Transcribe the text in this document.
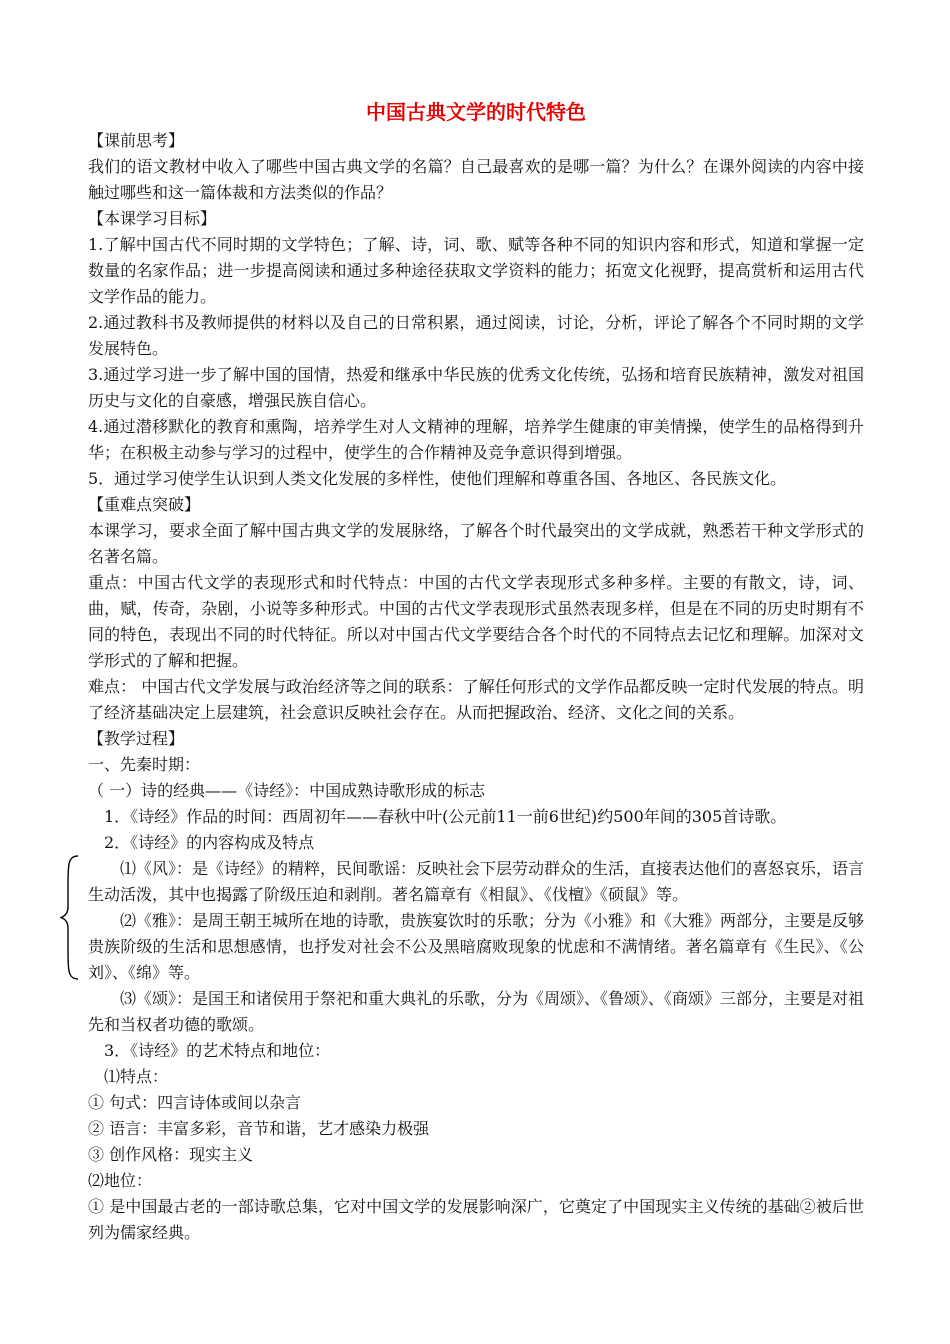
中国古典文学的时代特色

【课前思考】

我们的语文教材中收入了哪些中国古典文学的名篇？自己最喜欢的是哪一篇？为什么？在课外阅读的内容中接触过哪些和这一篇体裁和方法类似的作品？

【本课学习目标】

1.了解中国古代不同时期的文学特色；了解、诗，词、歌、赋等各种不同的知识内容和形式，知道和掌握一定数量的名家作品；进一步提高阅读和通过多种途径获取文学资料的能力；拓宽文化视野，提高赏析和运用古代文学作品的能力。

2.通过教科书及教师提供的材料以及自己的日常积累，通过阅读，讨论，分析，评论了解各个不同时期的文学发展特色。

3.通过学习进一步了解中国的国情，热爱和继承中华民族的优秀文化传统，弘扬和培育民族精神，激发对祖国历史与文化的自豪感，增强民族自信心。

4.通过潜移默化的教育和熏陶，培养学生对人文精神的理解，培养学生健康的审美情操，使学生的品格得到升华；在积极主动参与学习的过程中，使学生的合作精神及竞争意识得到增强。

5．通过学习使学生认识到人类文化发展的多样性，使他们理解和尊重各国、各地区、各民族文化。

【重难点突破】

本课学习，要求全面了解中国古典文学的发展脉络，了解各个时代最突出的文学成就，熟悉若干种文学形式的名著名篇。

重点：中国古代文学的表现形式和时代特点：中国的古代文学表现形式多种多样。主要的有散文，诗，词、曲，赋，传奇，杂剧，小说等多种形式。中国的古代文学表现形式虽然表现多样，但是在不同的历史时期有不同的特色，表现出不同的时代特征。所以对中国古代文学要结合各个时代的不同特点去记忆和理解。加深对文学形式的了解和把握。

难点： 中国古代文学发展与政治经济等之间的联系：了解任何形式的文学作品都反映一定时代发展的特点。明了经济基础决定上层建筑，社会意识反映社会存在。从而把握政治、经济、文化之间的关系。

【教学过程】

一、先秦时期：

（ 一）诗的经典——《诗经》：中国成熟诗歌形成的标志

1．《诗经》作品的时间：西周初年——春秋中叶(公元前11一前6世纪)约500年间的305首诗歌。

2．《诗经》的内容构成及特点

⑴《风》：是《诗经》的精粹，民间歌谣：反映社会下层劳动群众的生活，直接表达他们的喜怒哀乐，语言生动活泼，其中也揭露了阶级压迫和剥削。著名篇章有《相鼠》、《伐檀》《硕鼠》等。

⑵《雅》：是周王朝王城所在地的诗歌，贵族宴饮时的乐歌；分为《小雅》和《大雅》两部分，主要是反够贵族阶级的生活和思想感情，也抒发对社会不公及黑暗腐败现象的忧虑和不满情绪。著名篇章有《生民》、《公刘》、《绵》等。

⑶《颂》：是国王和诸侯用于祭祀和重大典礼的乐歌，分为《周颂》、《鲁颂》、《商颂》三部分，主要是对祖先和当权者功德的歌颂。

3．《诗经》的艺术特点和地位：

⑴特点：

① 句式：四言诗体或间以杂言

② 语言：丰富多彩，音节和谐，艺才感染力极强

③ 创作风格：现实主义

⑵地位：

① 是中国最古老的一部诗歌总集，它对中国文学的发展影响深广，它奠定了中国现实主义传统的基础②被后世列为儒家经典。
